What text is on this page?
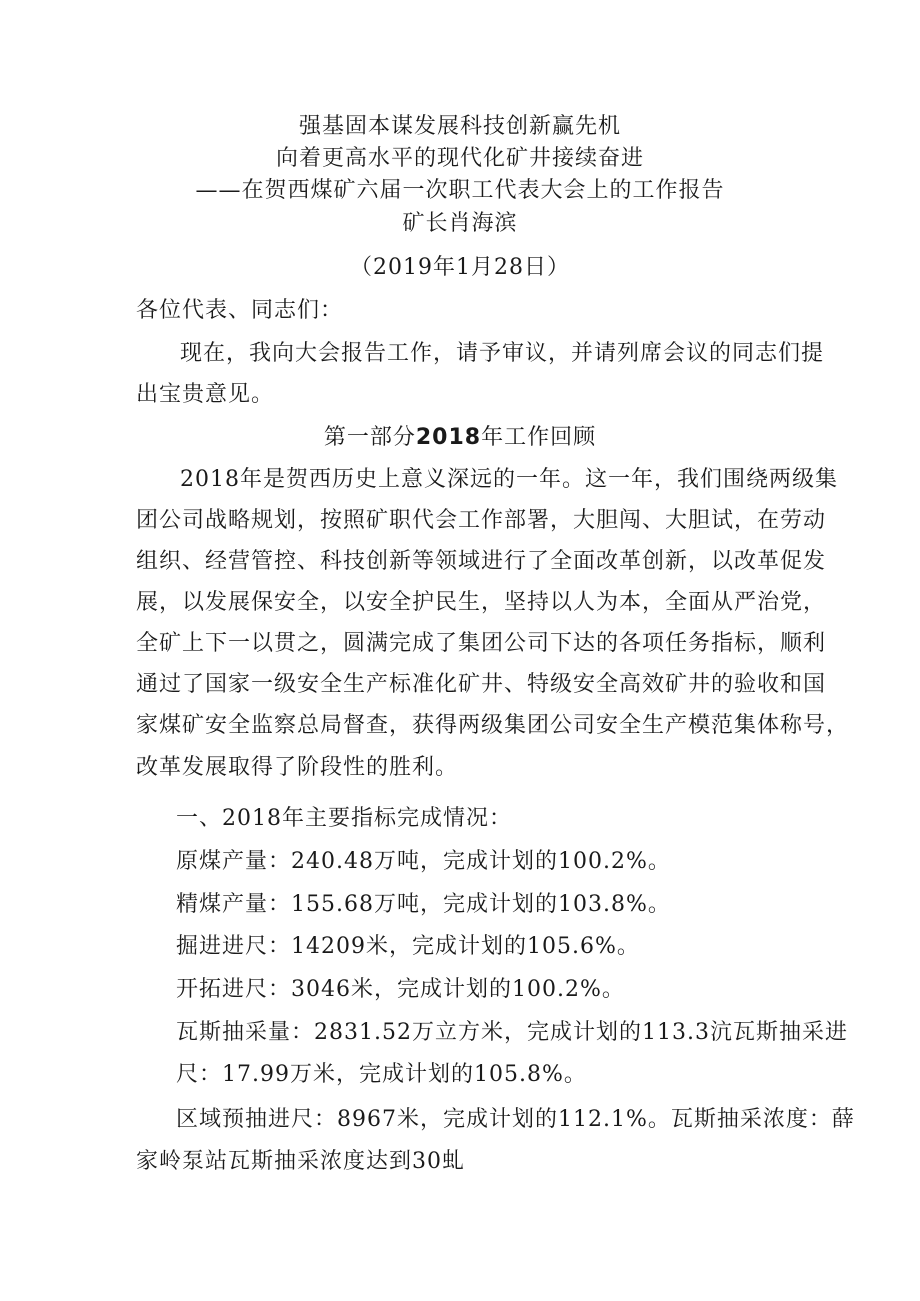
强基固本谋发展科技创新赢先机
向着更高水平的现代化矿井接续奋进
——在贺西煤矿六届一次职工代表大会上的工作报告
矿长肖海滨
（2019年1月28日）
各位代表、同志们：
现在，我向大会报告工作，请予审议，并请列席会议的同志们提
出宝贵意见。
第一部分2018年工作回顾
2018年是贺西历史上意义深远的一年。这一年，我们围绕两级集
团公司战略规划，按照矿职代会工作部署，大胆闯、大胆试，在劳动
组织、经营管控、科技创新等领域进行了全面改革创新，以改革促发
展，以发展保安全，以安全护民生，坚持以人为本，全面从严治党，
全矿上下一以贯之，圆满完成了集团公司下达的各项任务指标，顺利
通过了国家一级安全生产标准化矿井、特级安全高效矿井的验收和国
家煤矿安全监察总局督查，获得两级集团公司安全生产模范集体称号，
改革发展取得了阶段性的胜利。
一、2018年主要指标完成情况：
原煤产量：240.48万吨，完成计划的100.2%。
精煤产量：155.68万吨，完成计划的103.8%。
掘进进尺：14209米，完成计划的105.6%。
开拓进尺：3046米，完成计划的100.2%。
瓦斯抽采量：2831.52万立方米，完成计划的113.3沆瓦斯抽采进
尺：17.99万米，完成计划的105.8%。
区域预抽进尺：8967米，完成计划的112.1%。瓦斯抽采浓度：薛
家岭泵站瓦斯抽采浓度达到30虬
